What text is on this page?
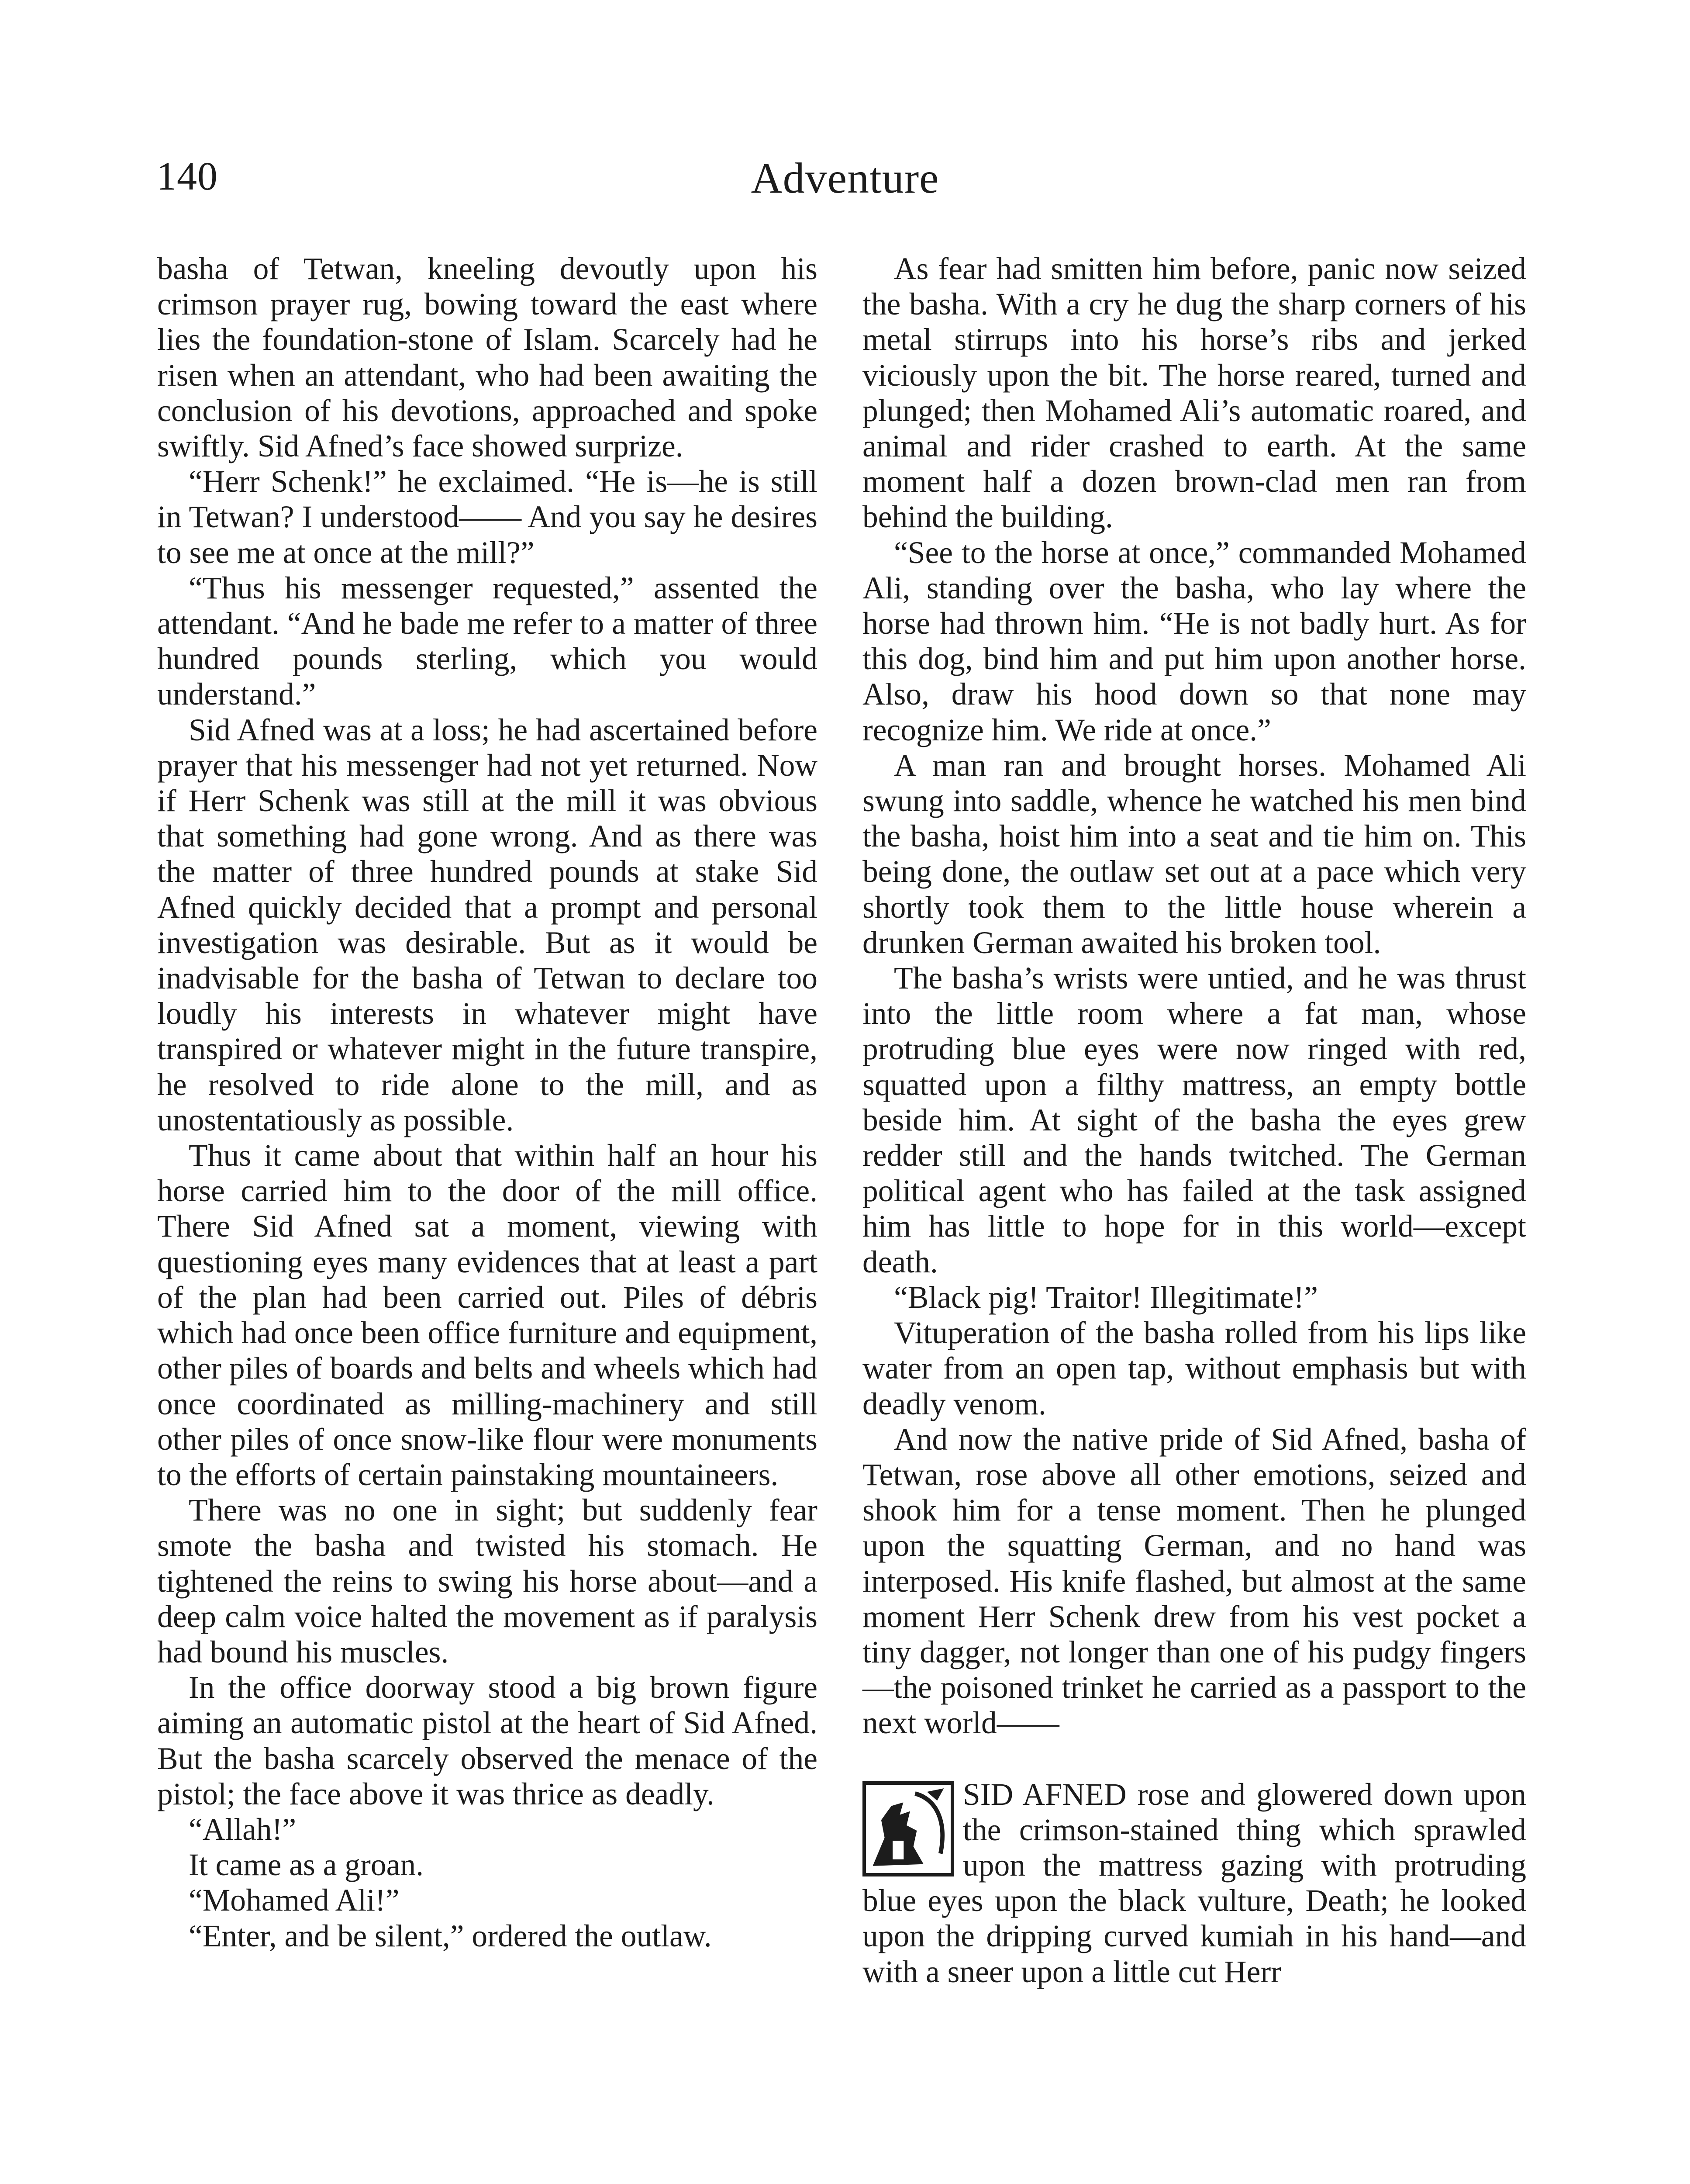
140	Adventure

basha of Tetwan, kneeling devoutly upon his crimson prayer rug, bowing toward the east where lies the foundation-stone of Islam. Scarcely had he risen when an attendant, who had been awaiting the conclusion of his devotions, approached and spoke swiftly. Sid Afned’s face showed surprize.

“Herr Schenk!” he exclaimed. “He is—he is still in Tetwan? I understood—— And you say he desires to see me at once at the mill?”

“Thus his messenger requested,” assented the attendant. “And he bade me refer to a matter of three hundred pounds sterling, which you would understand.”

Sid Afned was at a loss; he had ascertained before prayer that his messenger had not yet returned. Now if Herr Schenk was still at the mill it was obvious that something had gone wrong. And as there was the matter of three hundred pounds at stake Sid Afned quickly decided that a prompt and personal investigation was desirable. But as it would be inadvisable for the basha of Tetwan to declare too loudly his interests in whatever might have transpired or whatever might in the future transpire, he resolved to ride alone to the mill, and as unostentatiously as possible.

Thus it came about that within half an hour his horse carried him to the door of the mill office. There Sid Afned sat a moment, viewing with questioning eyes many evidences that at least a part of the plan had been carried out. Piles of débris which had once been office furniture and equipment, other piles of boards and belts and wheels which had once coordinated as milling-machinery and still other piles of once snow-like flour were monuments to the efforts of certain painstaking mountaineers.

There was no one in sight; but suddenly fear smote the basha and twisted his stomach. He tightened the reins to swing his horse about—and a deep calm voice halted the movement as if paralysis had bound his muscles.

In the office doorway stood a big brown figure aiming an automatic pistol at the heart of Sid Afned. But the basha scarcely observed the menace of the pistol; the face above it was thrice as deadly.

“Allah!”

It came as a groan.

“Mohamed Ali!”

“Enter, and be silent,” ordered the outlaw.

As fear had smitten him before, panic now seized the basha. With a cry he dug the sharp corners of his metal stirrups into his horse’s ribs and jerked viciously upon the bit. The horse reared, turned and plunged; then Mohamed Ali’s automatic roared, and animal and rider crashed to earth. At the same moment half a dozen brown-clad men ran from behind the building.

“See to the horse at once,” commanded Mohamed Ali, standing over the basha, who lay where the horse had thrown him. “He is not badly hurt. As for this dog, bind him and put him upon another horse. Also, draw his hood down so that none may recognize him. We ride at once.”

A man ran and brought horses. Mohamed Ali swung into saddle, whence he watched his men bind the basha, hoist him into a seat and tie him on. This being done, the outlaw set out at a pace which very shortly took them to the little house wherein a drunken German awaited his broken tool.

The basha’s wrists were untied, and he was thrust into the little room where a fat man, whose protruding blue eyes were now ringed with red, squatted upon a filthy mattress, an empty bottle beside him. At sight of the basha the eyes grew redder still and the hands twitched. The German political agent who has failed at the task assigned him has little to hope for in this world—except death.

“Black pig! Traitor! Illegitimate!”

Vituperation of the basha rolled from his lips like water from an open tap, without emphasis but with deadly venom.

And now the native pride of Sid Afned, basha of Tetwan, rose above all other emotions, seized and shook him for a tense moment. Then he plunged upon the squatting German, and no hand was interposed. His knife flashed, but almost at the same moment Herr Schenk drew from his vest pocket a tiny dagger, not longer than one of his pudgy fingers—the poisoned trinket he carried as a passport to the next world——

SID AFNED rose and glowered down upon the crimson-stained thing which sprawled upon the mattress gazing with protruding blue eyes upon the black vulture, Death; he looked upon the dripping curved kumiah in his hand—and with a sneer upon a little cut Herr
